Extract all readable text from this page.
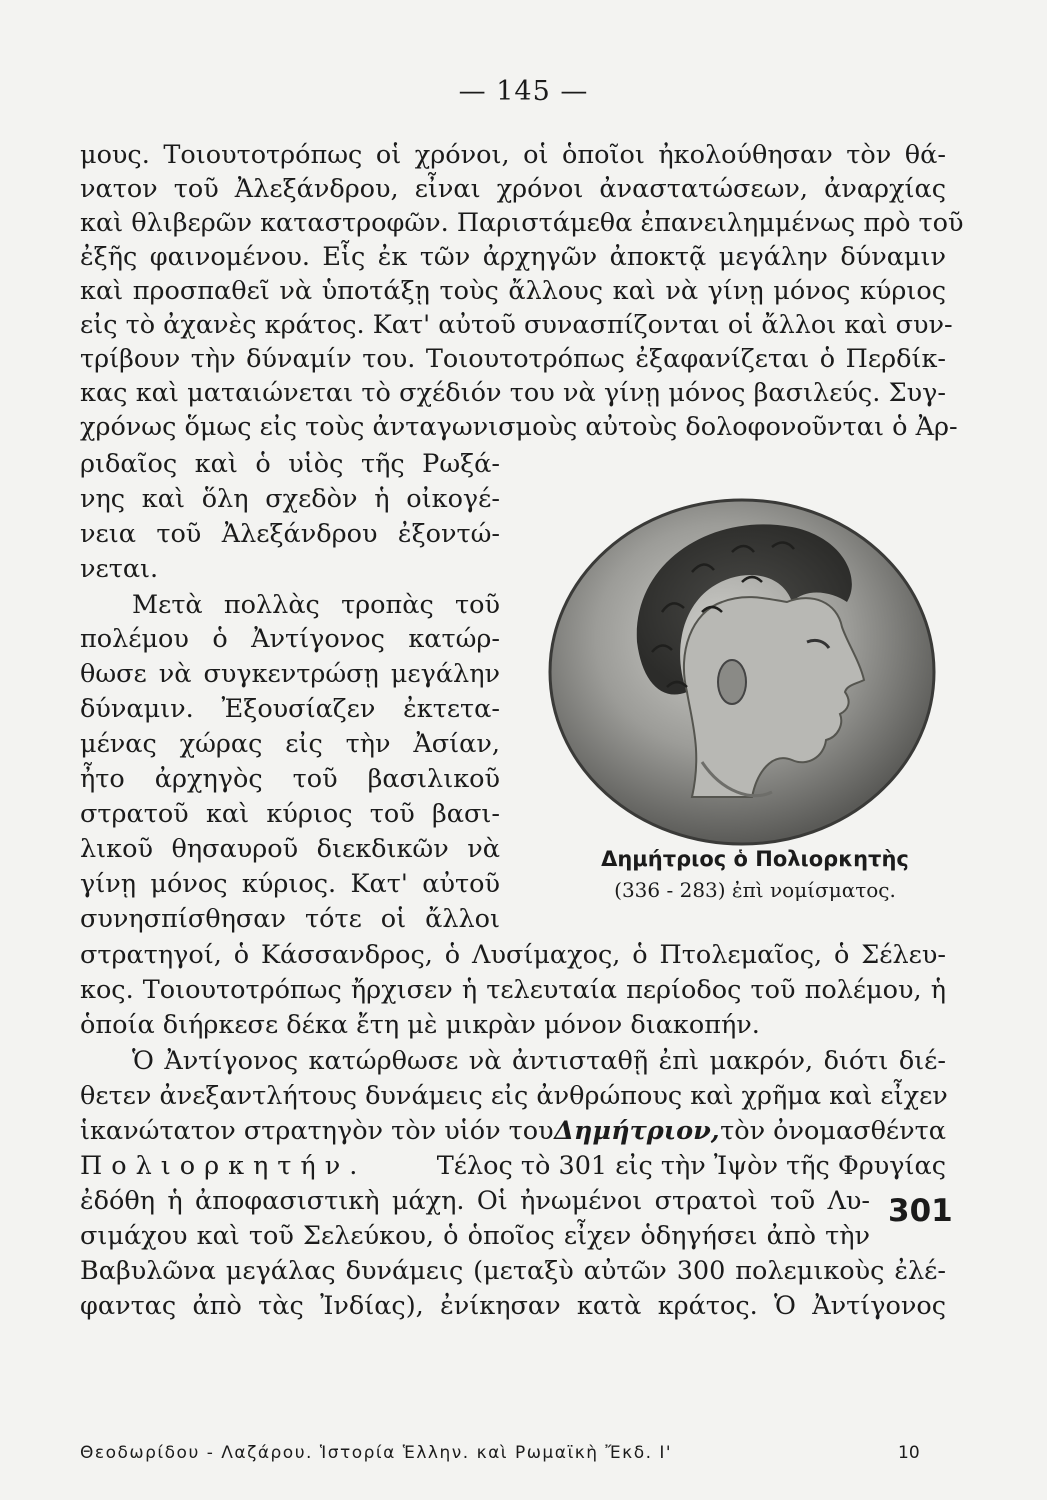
— 145 —
μους. Τοιουτοτρόπως οἱ χρόνοι, οἱ ὁποῖοι ἠκολούθησαν τὸν θά-
νατον τοῦ Ἀλεξάνδρου, εἶναι χρόνοι ἀναστατώσεων, ἀναρχίας
καὶ θλιβερῶν καταστροφῶν. Παριστάμεθα ἐπανειλημμένως πρὸ τοῦ
ἐξῆς φαινομένου. Εἷς ἐκ τῶν ἀρχηγῶν ἀποκτᾷ μεγάλην δύναμιν
καὶ προσπαθεῖ νὰ ὑποτάξῃ τοὺς ἄλλους καὶ νὰ γίνῃ μόνος κύριος
εἰς τὸ ἀχανὲς κράτος. Κατ' αὐτοῦ συνασπίζονται οἱ ἄλλοι καὶ συν-
τρίβουν τὴν δύναμίν του. Τοιουτοτρόπως ἐξαφανίζεται ὁ Περδίκ-
κας καὶ ματαιώνεται τὸ σχέδιόν του νὰ γίνῃ μόνος βασιλεύς. Συγ-
χρόνως ὅμως εἰς τοὺς ἀνταγωνισμοὺς αὐτοὺς δολοφονοῦνται ὁ Ἀρ-
ριδαῖος καὶ ὁ υἱὸς τῆς Ρωξά-
νης καὶ ὅλη σχεδὸν ἡ οἰκογέ-
νεια τοῦ Ἀλεξάνδρου ἐξοντώ-
νεται.
Μετὰ πολλὰς τροπὰς τοῦ
πολέμου ὁ Ἀντίγονος κατώρ-
θωσε νὰ συγκεντρώσῃ μεγάλην
δύναμιν. Ἐξουσίαζεν ἐκτετα-
μένας χώρας εἰς τὴν Ἀσίαν,
ἦτο ἀρχηγὸς τοῦ βασιλικοῦ
στρατοῦ καὶ κύριος τοῦ βασι-
λικοῦ θησαυροῦ διεκδικῶν νὰ
γίνῃ μόνος κύριος. Κατ' αὐτοῦ
συνησπίσθησαν τότε οἱ ἄλλοι
Δημήτριος ὁ Πολιορκητὴς
(336 - 283) ἐπὶ νομίσματος.
στρατηγοί, ὁ Κάσσανδρος, ὁ Λυσίμαχος, ὁ Πτολεμαῖος, ὁ Σέλευ-
κος. Τοιουτοτρόπως ἤρχισεν ἡ τελευταία περίοδος τοῦ πολέμου, ἡ
ὁποία διήρκεσε δέκα ἔτη μὲ μικρὰν μόνον διακοπήν.
Ὁ Ἀντίγονος κατώρθωσε νὰ ἀντισταθῇ ἐπὶ μακρόν, διότι διέ-
θετεν ἀνεξαντλήτους δυνάμεις εἰς ἀνθρώπους καὶ χρῆμα καὶ εἶχεν
ἱκανώτατον στρατηγὸν τὸν υἱόν του Δημήτριον, τὸν ὀνομασθέντα
Πολιορκητήν.	Τέλος τὸ 301 εἰς τὴν Ἰψὸν τῆς Φρυγίας
ἐδόθη ἡ ἀποφασιστικὴ μάχη. Οἱ ἠνωμένοι στρατοὶ τοῦ Λυ-
σιμάχου καὶ τοῦ Σελεύκου, ὁ ὁποῖος εἶχεν ὁδηγήσει ἀπὸ τὴν
Βαβυλῶνα μεγάλας δυνάμεις (μεταξὺ αὐτῶν 300 πολεμικοὺς ἐλέ-
φαντας ἀπὸ τὰς Ἰνδίας), ἐνίκησαν κατὰ κράτος. Ὁ Ἀντίγονος
301
Θεοδωρίδου - Λαζάρου. Ἱστορία Ἑλλην. καὶ Ρωμαϊκὴ Ἔκδ. Ι'	10
